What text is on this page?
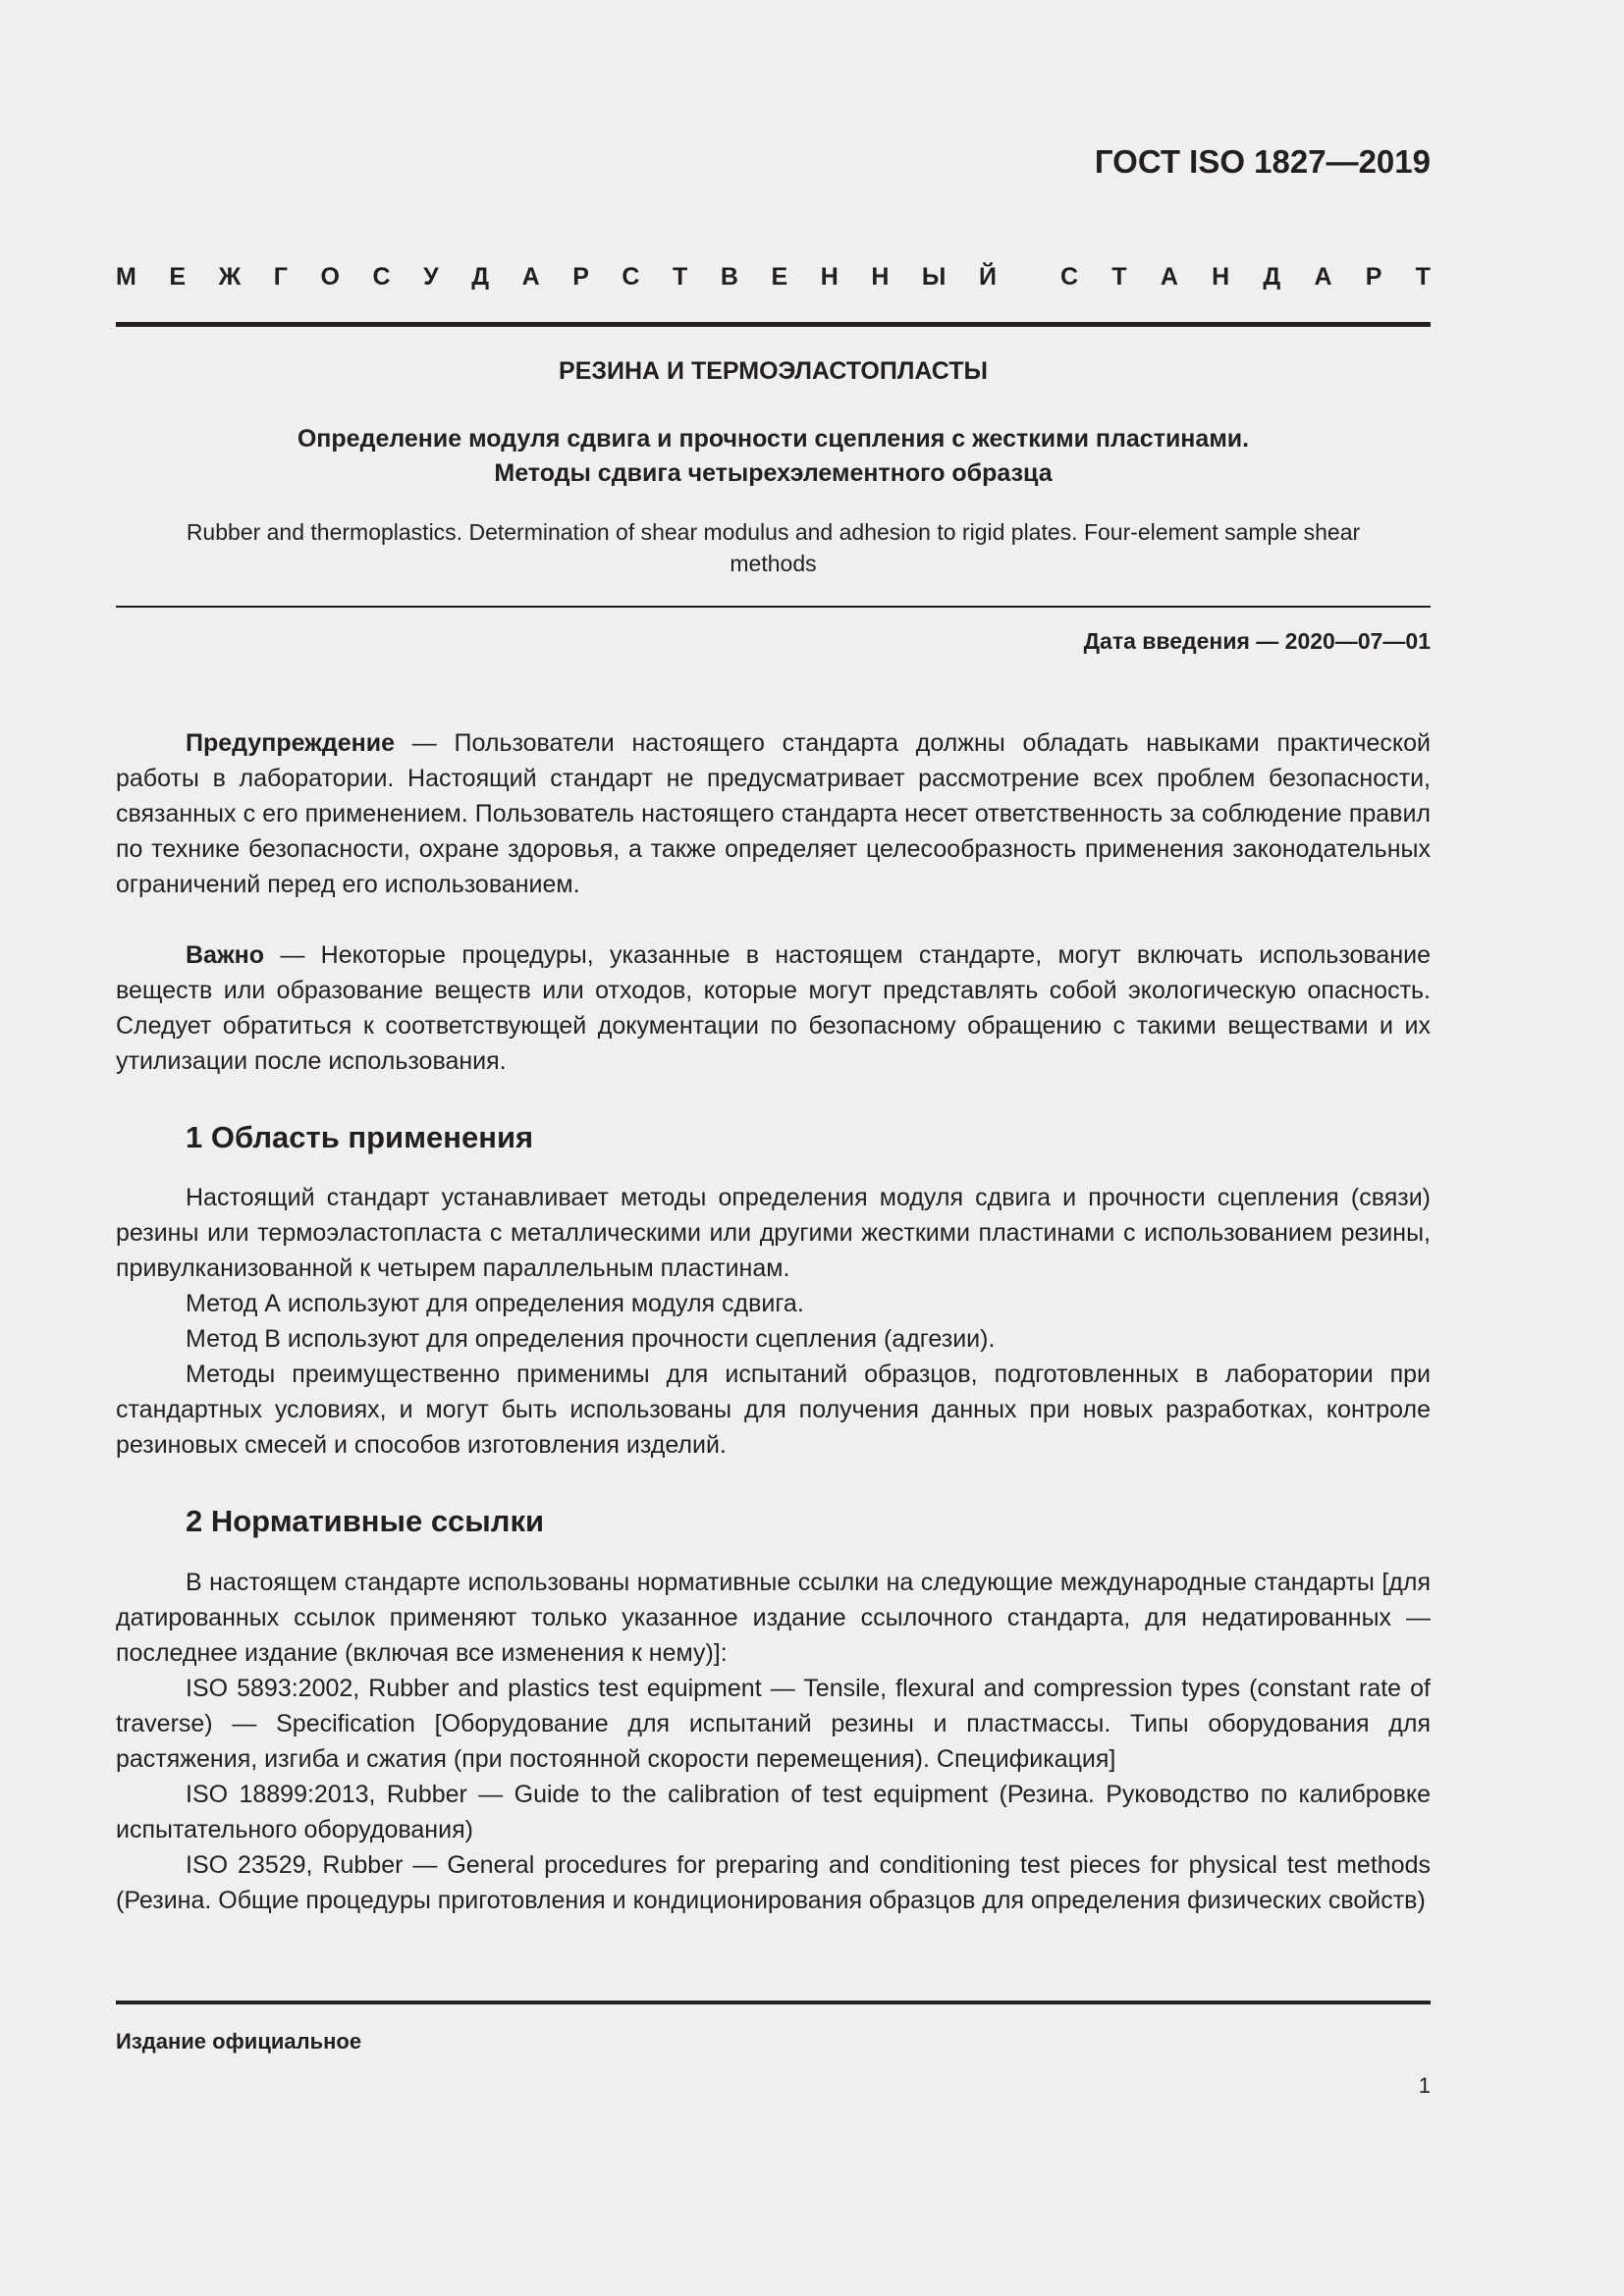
ГОСТ ISO 1827—2019
М Е Ж Г О С У Д А Р С Т В Е Н Н Ы Й	С Т А Н Д А Р Т
РЕЗИНА И ТЕРМОЭЛАСТОПЛАСТЫ
Определение модуля сдвига и прочности сцепления с жесткими пластинами.
Методы сдвига четырехэлементного образца
Rubber and thermoplastics. Determination of shear modulus and adhesion to rigid plates. Four-element sample shear
methods
Дата введения — 2020—07—01

Предупреждение — Пользователи настоящего стандарта должны обладать навыками практической работы в лаборатории. Настоящий стандарт не предусматривает рассмотрение всех проблем безопасности, связанных с его применением. Пользователь настоящего стандарта несет ответственность за соблюдение правил по технике безопасности, охране здоровья, а также определяет целесообразность применения законодательных ограничений перед его использованием.

Важно — Некоторые процедуры, указанные в настоящем стандарте, могут включать использование веществ или образование веществ или отходов, которые могут представлять собой экологическую опасность. Следует обратиться к соответствующей документации по безопасному обращению с такими веществами и их утилизации после использования.

1 Область применения

Настоящий стандарт устанавливает методы определения модуля сдвига и прочности сцепления (связи) резины или термоэластопласта с металлическими или другими жесткими пластинами с использованием резины, привулканизованной к четырем параллельным пластинам.

Метод А используют для определения модуля сдвига.

Метод В используют для определения прочности сцепления (адгезии).

Методы преимущественно применимы для испытаний образцов, подготовленных в лаборатории при стандартных условиях, и могут быть использованы для получения данных при новых разработках, контроле резиновых смесей и способов изготовления изделий.

2 Нормативные ссылки

В настоящем стандарте использованы нормативные ссылки на следующие международные стандарты [для датированных ссылок применяют только указанное издание ссылочного стандарта, для недатированных — последнее издание (включая все изменения к нему)]:

ISO 5893:2002, Rubber and plastics test equipment — Tensile, flexural and compression types (constant rate of traverse) — Specification [Оборудование для испытаний резины и пластмассы. Типы оборудования для растяжения, изгиба и сжатия (при постоянной скорости перемещения). Спецификация]

ISO 18899:2013, Rubber — Guide to the calibration of test equipment (Резина. Руководство по калибровке испытательного оборудования)

ISO 23529, Rubber — General procedures for preparing and conditioning test pieces for physical test methods (Резина. Общие процедуры приготовления и кондиционирования образцов для определения физических свойств)

Издание официальное
1
